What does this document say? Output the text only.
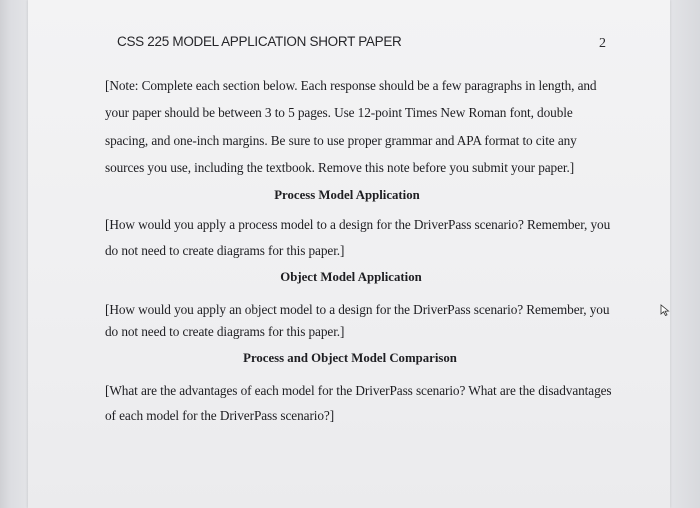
CSS 225 MODEL APPLICATION SHORT PAPER	2
[Note: Complete each section below. Each response should be a few paragraphs in length, and
your paper should be between 3 to 5 pages. Use 12-point Times New Roman font, double
spacing, and one-inch margins. Be sure to use proper grammar and APA format to cite any
sources you use, including the textbook. Remove this note before you submit your paper.]
Process Model Application
[How would you apply a process model to a design for the DriverPass scenario? Remember, you
do not need to create diagrams for this paper.]
Object Model Application
[How would you apply an object model to a design for the DriverPass scenario? Remember, you
do not need to create diagrams for this paper.]
Process and Object Model Comparison
[What are the advantages of each model for the DriverPass scenario? What are the disadvantages
of each model for the DriverPass scenario?]
